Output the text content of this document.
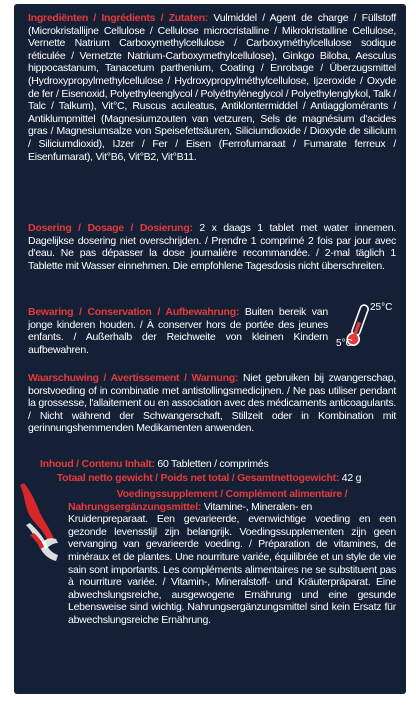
Ingrediënten / Ingrédients / Zutaten: Vulmiddel / Agent de charge / Füllstoff (Microkristallijne Cellulose / Cellulose microcristalline / Mikrokristalline Cellulose, Vernette Natrium Carboxymethylcellulose / Carboxyméthylcellulose sodique réticulée / Vernetzte Natrium-Carboxymethylcellulose), Ginkgo Biloba, Aesculus hippocastanum, Tanacetum parthenium, Coating / Enrobage / Überzugsmittel (Hydroxypropylmethylcellulose / Hydroxypropylméthylcellulose, Ijzeroxide / Oxyde de fer / Eisenoxid, Polyethyleenglycol / Polyéthylèneglycol / Polyethylenglykol, Talk / Talc / Talkum), Vit°C, Ruscus aculeatus, Antiklontermiddel / Antiagglomérants / Antiklumpmittel (Magnesiumzouten van vetzuren, Sels de magnésium d'acides gras / Magnesiumsalze von Speisefettsäuren, Siliciumdioxide / Dioxyde de silicium / Siliciumdioxid), IJzer / Fer / Eisen (Ferrofumaraat / Fumarate ferreux / Eisenfumarat), Vit°B6, Vit°B2, Vit°B11.
Dosering / Dosage / Dosierung: 2 x daags 1 tablet met water innemen. Dagelijkse dosering niet overschrijden. / Prendre 1 comprimé 2 fois par jour avec d'eau. Ne pas dépasser la dose journalière recommandée. / 2-mal täglich 1 Tablette mit Wasser einnehmen. Die empfohlene Tagesdosis nicht überschreiten.
Bewaring / Conservation / Aufbewahrung: Buiten bereik van jonge kinderen houden. / À conserver hors de portée des jeunes enfants. / Außerhalb der Reichweite von kleinen Kindern aufbewahren.
25°C
5°C
Waarschuwing / Avertissement / Warnung: Niet gebruiken bij zwangerschap, borstvoeding of in combinatie met antistollingsmedicijnen. / Ne pas utiliser pendant la grossesse, l'allaitement ou en association avec des médicaments anticoagulants. / Nicht während der Schwangerschaft, Stillzeit oder in Kombination mit gerinnungshemmenden Medikamenten anwenden.
Inhoud / Contenu Inhalt: 60 Tabletten / comprimés
Totaal netto gewicht / Poids net total / Gesamtnettogewicht: 42 g
Voedingssupplement / Complément alimentaire /
Nahrungsergänzungsmittel: Vitamine-, Mineralen- en
Kruidenpreparaat. Een gevarieerde, evenwichtige voeding en een gezonde levensstijl zijn belangrijk. Voedingssupplementen zijn geen vervanging van gevarieerde voeding. / Préparation de vitamines, de minéraux et de plantes. Une nourriture variée, équilibrée et un style de vie sain sont importants. Les compléments alimentaires ne se substituent pas à nourriture variée. / Vitamin-, Mineralstoff- und Kräuterpräparat. Eine abwechslungsreiche, ausgewogene Ernährung und eine gesunde Lebensweise sind wichtig. Nahrungsergänzungsmittel sind kein Ersatz für abwechslungsreiche Ernährung.
